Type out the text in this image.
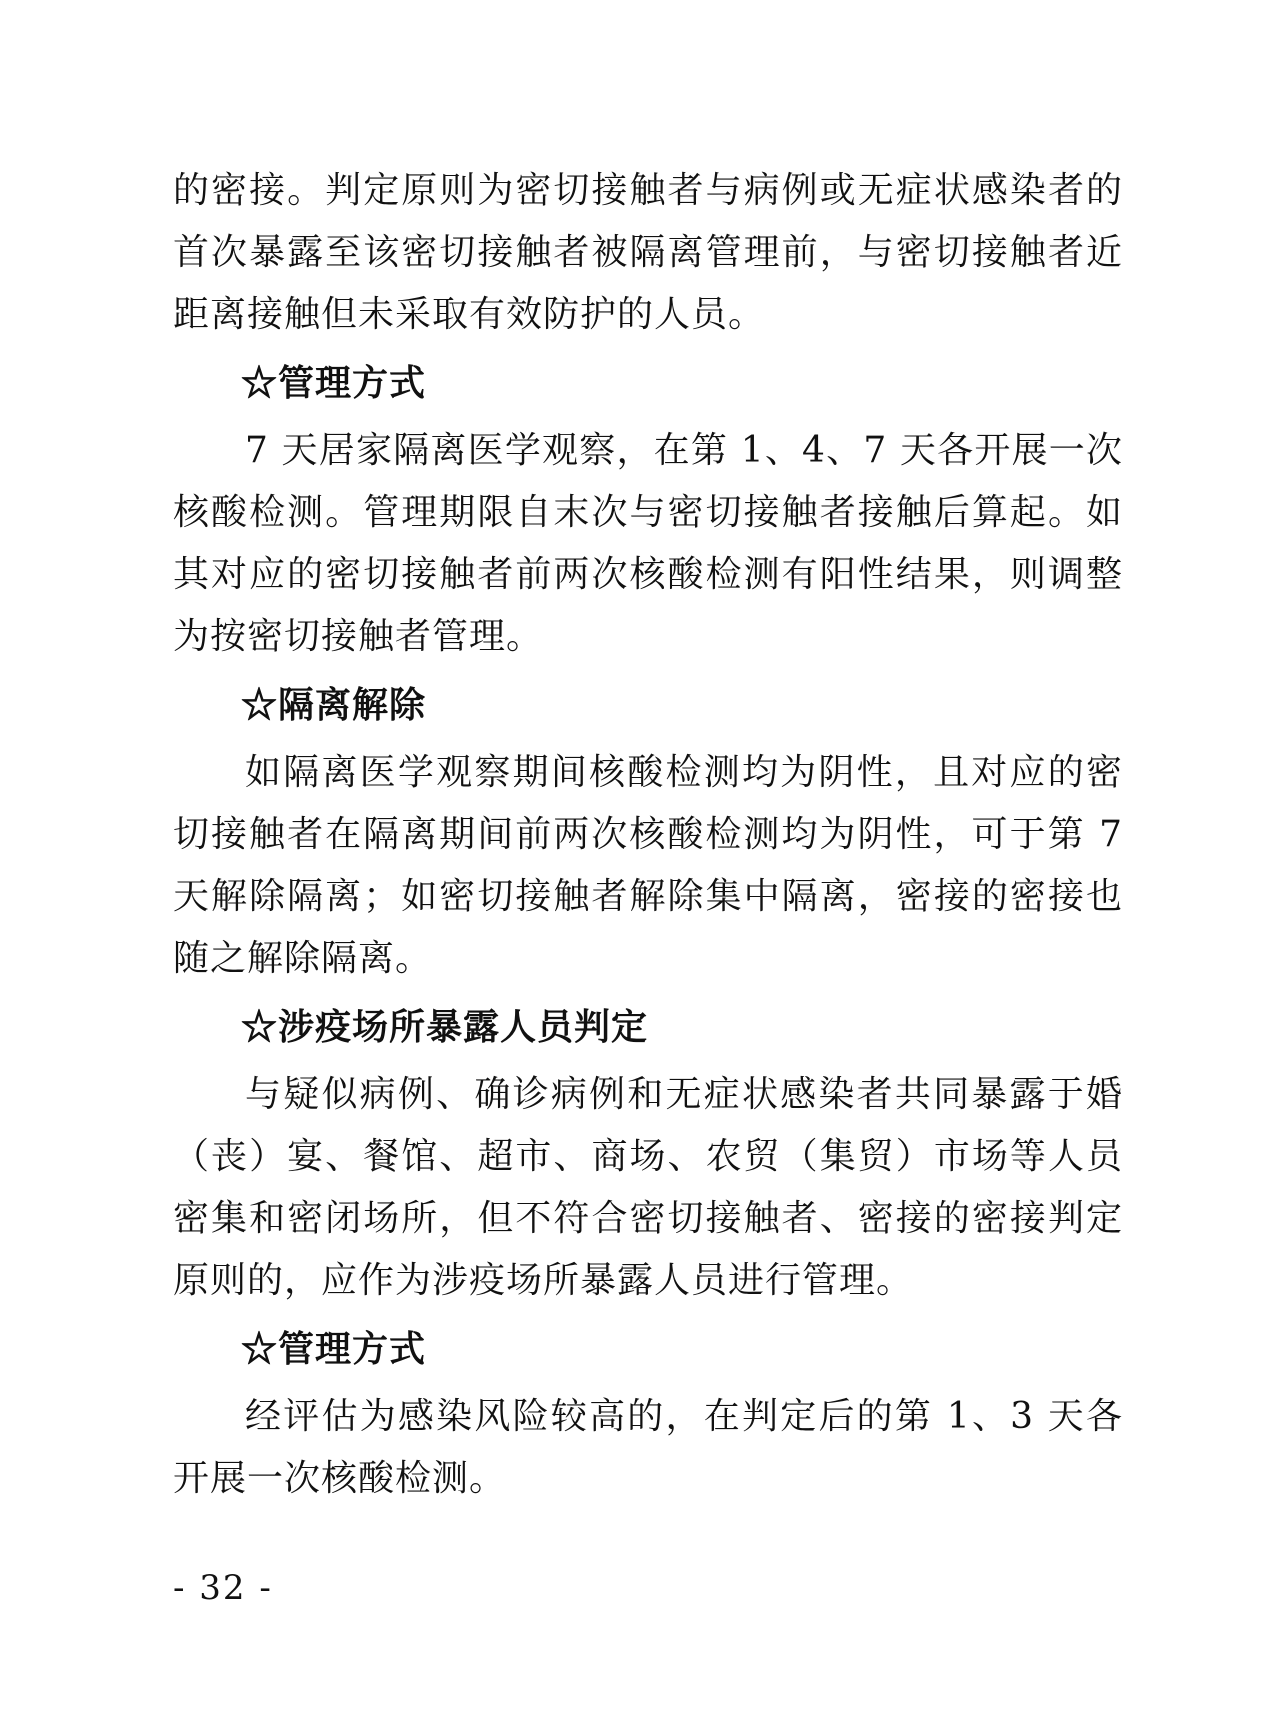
的密接。判定原则为密切接触者与病例或无症状感染者的首次暴露至该密切接触者被隔离管理前，与密切接触者近距离接触但未采取有效防护的人员。

☆管理方式

7 天居家隔离医学观察，在第 1、4、7 天各开展一次核酸检测。管理期限自末次与密切接触者接触后算起。如其对应的密切接触者前两次核酸检测有阳性结果，则调整为按密切接触者管理。

☆隔离解除

如隔离医学观察期间核酸检测均为阴性，且对应的密切接触者在隔离期间前两次核酸检测均为阴性，可于第 7 天解除隔离；如密切接触者解除集中隔离，密接的密接也随之解除隔离。

☆涉疫场所暴露人员判定

与疑似病例、确诊病例和无症状感染者共同暴露于婚（丧）宴、餐馆、超市、商场、农贸（集贸）市场等人员密集和密闭场所，但不符合密切接触者、密接的密接判定原则的，应作为涉疫场所暴露人员进行管理。

☆管理方式

经评估为感染风险较高的，在判定后的第 1、3 天各开展一次核酸检测。

- 32 -
